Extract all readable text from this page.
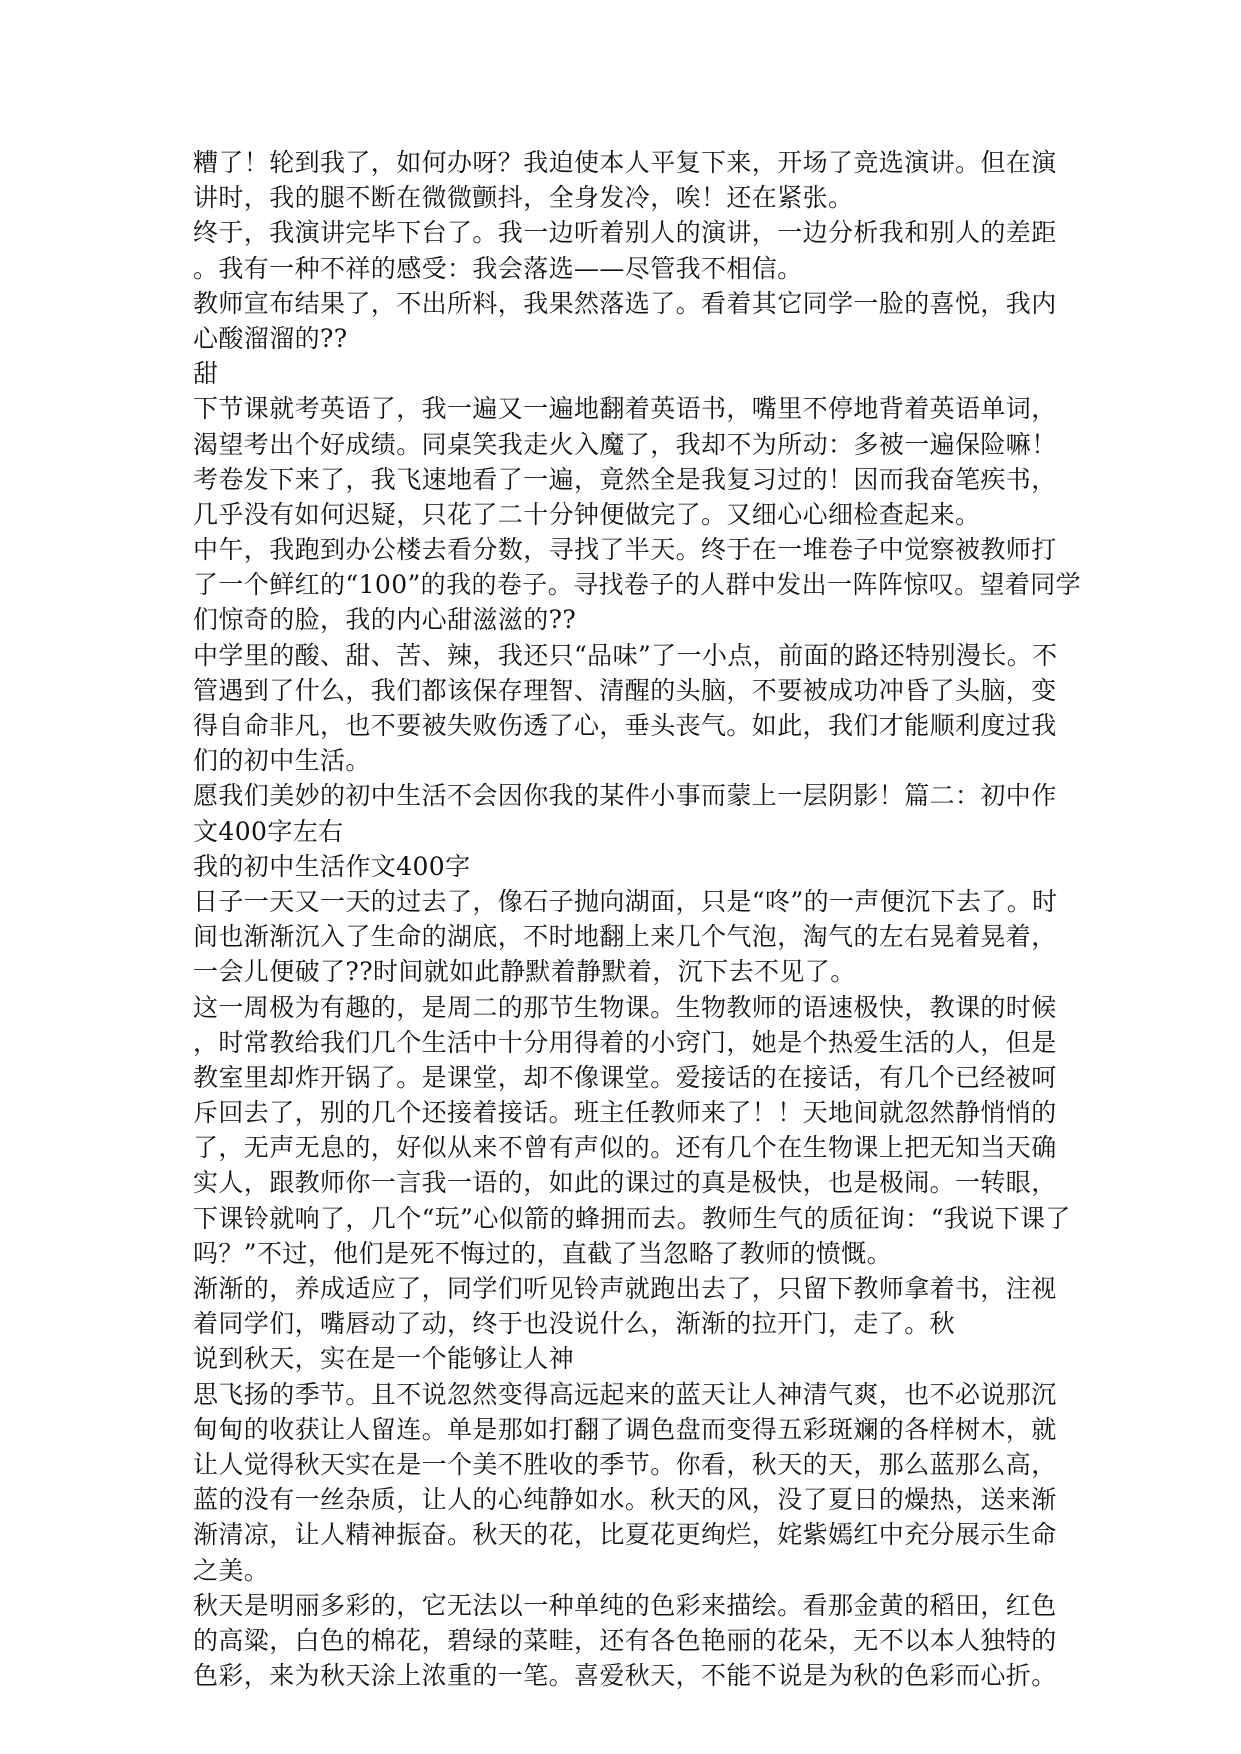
糟了！轮到我了，如何办呀？我迫使本人平复下来，开场了竞选演讲。但在演
讲时，我的腿不断在微微颤抖，全身发冷，唉！还在紧张。
终于，我演讲完毕下台了。我一边听着别人的演讲，一边分析我和别人的差距
。我有一种不祥的感受：我会落选——尽管我不相信。
教师宣布结果了，不出所料，我果然落选了。看着其它同学一脸的喜悦，我内
心酸溜溜的??
甜
下节课就考英语了，我一遍又一遍地翻着英语书，嘴里不停地背着英语单词，
渴望考出个好成绩。同桌笑我走火入魔了，我却不为所动：多被一遍保险嘛！
考卷发下来了，我飞速地看了一遍，竟然全是我复习过的！因而我奋笔疾书，
几乎没有如何迟疑，只花了二十分钟便做完了。又细心心细检查起来。
中午，我跑到办公楼去看分数，寻找了半天。终于在一堆卷子中觉察被教师打
了一个鲜红的“100”的我的卷子。寻找卷子的人群中发出一阵阵惊叹。望着同学
们惊奇的脸，我的内心甜滋滋的??
中学里的酸、甜、苦、辣，我还只“品味”了一小点，前面的路还特别漫长。不
管遇到了什么，我们都该保存理智、清醒的头脑，不要被成功冲昏了头脑，变
得自命非凡，也不要被失败伤透了心，垂头丧气。如此，我们才能顺利度过我
们的初中生活。
愿我们美妙的初中生活不会因你我的某件小事而蒙上一层阴影！篇二：初中作
文400字左右
我的初中生活作文400字
日子一天又一天的过去了，像石子抛向湖面，只是“咚”的一声便沉下去了。时
间也渐渐沉入了生命的湖底，不时地翻上来几个气泡，淘气的左右晃着晃着，
一会儿便破了??时间就如此静默着静默着，沉下去不见了。
这一周极为有趣的，是周二的那节生物课。生物教师的语速极快，教课的时候
，时常教给我们几个生活中十分用得着的小窍门，她是个热爱生活的人，但是
教室里却炸开锅了。是课堂，却不像课堂。爱接话的在接话，有几个已经被呵
斥回去了，别的几个还接着接话。班主任教师来了！！天地间就忽然静悄悄的
了，无声无息的，好似从来不曾有声似的。还有几个在生物课上把无知当天确
实人，跟教师你一言我一语的，如此的课过的真是极快，也是极闹。一转眼，
下课铃就响了，几个“玩”心似箭的蜂拥而去。教师生气的质征询：“我说下课了
吗？”不过，他们是死不悔过的，直截了当忽略了教师的愤慨。
渐渐的，养成适应了，同学们听见铃声就跑出去了，只留下教师拿着书，注视
着同学们，嘴唇动了动，终于也没说什么，渐渐的拉开门，走了。秋
说到秋天，实在是一个能够让人神
思飞扬的季节。且不说忽然变得高远起来的蓝天让人神清气爽，也不必说那沉
甸甸的收获让人留连。单是那如打翻了调色盘而变得五彩斑斓的各样树木，就
让人觉得秋天实在是一个美不胜收的季节。你看，秋天的天，那么蓝那么高，
蓝的没有一丝杂质，让人的心纯静如水。秋天的风，没了夏日的燥热，送来渐
渐清凉，让人精神振奋。秋天的花，比夏花更绚烂，姹紫嫣红中充分展示生命
之美。
秋天是明丽多彩的，它无法以一种单纯的色彩来描绘。看那金黄的稻田，红色
的高粱，白色的棉花，碧绿的菜畦，还有各色艳丽的花朵，无不以本人独特的
色彩，来为秋天涂上浓重的一笔。喜爱秋天，不能不说是为秋的色彩而心折。
